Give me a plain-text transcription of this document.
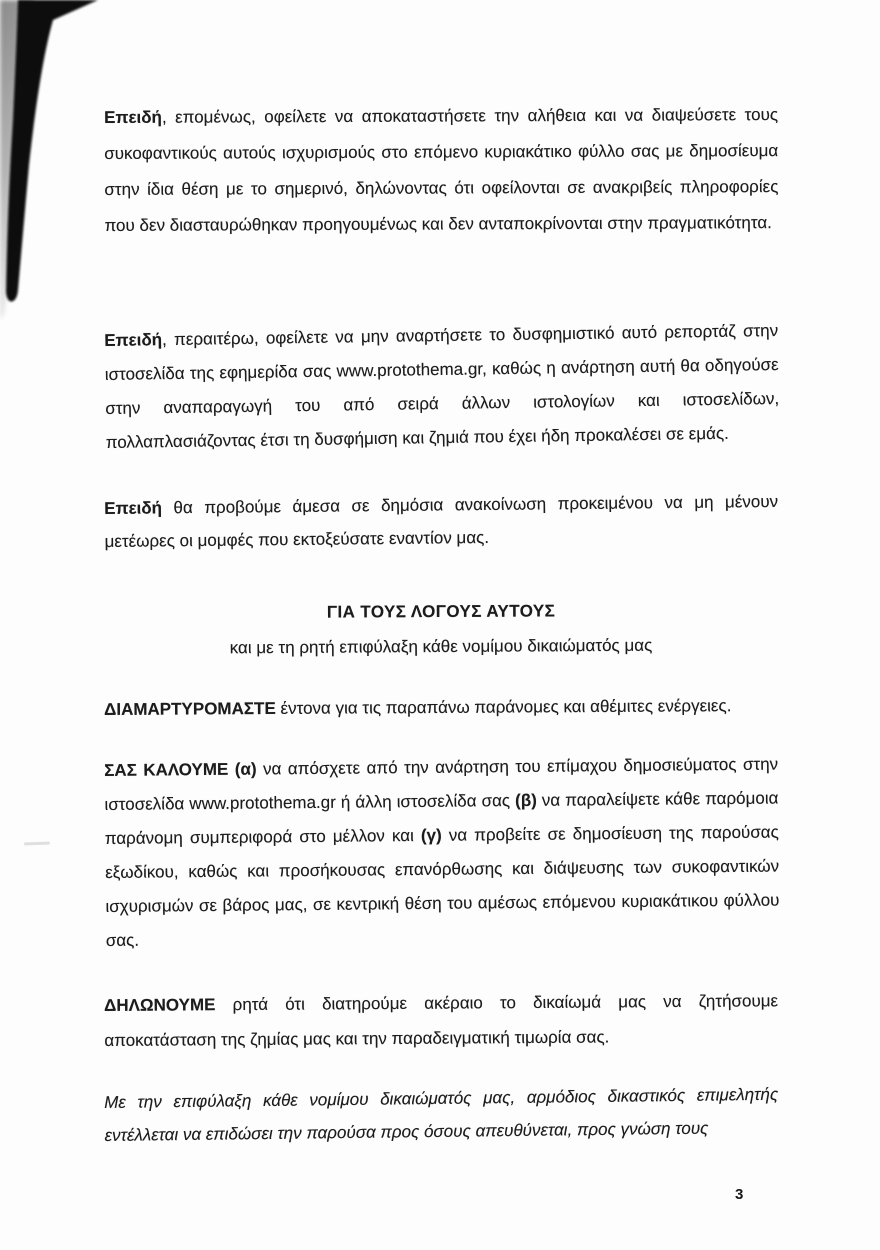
Επειδή, επομένως, οφείλετε να αποκαταστήσετε την αλήθεια και να διαψεύσετε τους συκοφαντικούς αυτούς ισχυρισμούς στο επόμενο κυριακάτικο φύλλο σας με δημοσίευμα στην ίδια θέση με το σημερινό, δηλώνοντας ότι οφείλονται σε ανακριβείς πληροφορίες που δεν διασταυρώθηκαν προηγουμένως και δεν ανταποκρίνονται στην πραγματικότητα.

Επειδή, περαιτέρω, οφείλετε να μην αναρτήσετε το δυσφημιστικό αυτό ρεπορτάζ στην ιστοσελίδα της εφημερίδα σας www.protothema.gr, καθώς η ανάρτηση αυτή θα οδηγούσε στην αναπαραγωγή του από σειρά άλλων ιστολογίων και ιστοσελίδων, πολλαπλασιάζοντας έτσι τη δυσφήμιση και ζημιά που έχει ήδη προκαλέσει σε εμάς.

Επειδή θα προβούμε άμεσα σε δημόσια ανακοίνωση προκειμένου να μη μένουν μετέωρες οι μομφές που εκτοξεύσατε εναντίον μας.

ΓΙΑ ΤΟΥΣ ΛΟΓΟΥΣ ΑΥΤΟΥΣ

και με τη ρητή επιφύλαξη κάθε νομίμου δικαιώματός μας

ΔΙΑΜΑΡΤΥΡΟΜΑΣΤΕ έντονα για τις παραπάνω παράνομες και αθέμιτες ενέργειες.

ΣΑΣ ΚΑΛΟΥΜΕ (α) να απόσχετε από την ανάρτηση του επίμαχου δημοσιεύματος στην ιστοσελίδα www.protothema.gr ή άλλη ιστοσελίδα σας (β) να παραλείψετε κάθε παρόμοια παράνομη συμπεριφορά στο μέλλον και (γ) να προβείτε σε δημοσίευση της παρούσας εξωδίκου, καθώς και προσήκουσας επανόρθωσης και διάψευσης των συκοφαντικών ισχυρισμών σε βάρος μας, σε κεντρική θέση του αμέσως επόμενου κυριακάτικου φύλλου σας.

ΔΗΛΩΝΟΥΜΕ ρητά ότι διατηρούμε ακέραιο το δικαίωμά μας να ζητήσουμε αποκατάσταση της ζημίας μας και την παραδειγματική τιμωρία σας.

Με την επιφύλαξη κάθε νομίμου δικαιώματός μας, αρμόδιος δικαστικός επιμελητής εντέλλεται να επιδώσει την παρούσα προς όσους απευθύνεται, προς γνώση τους

3
